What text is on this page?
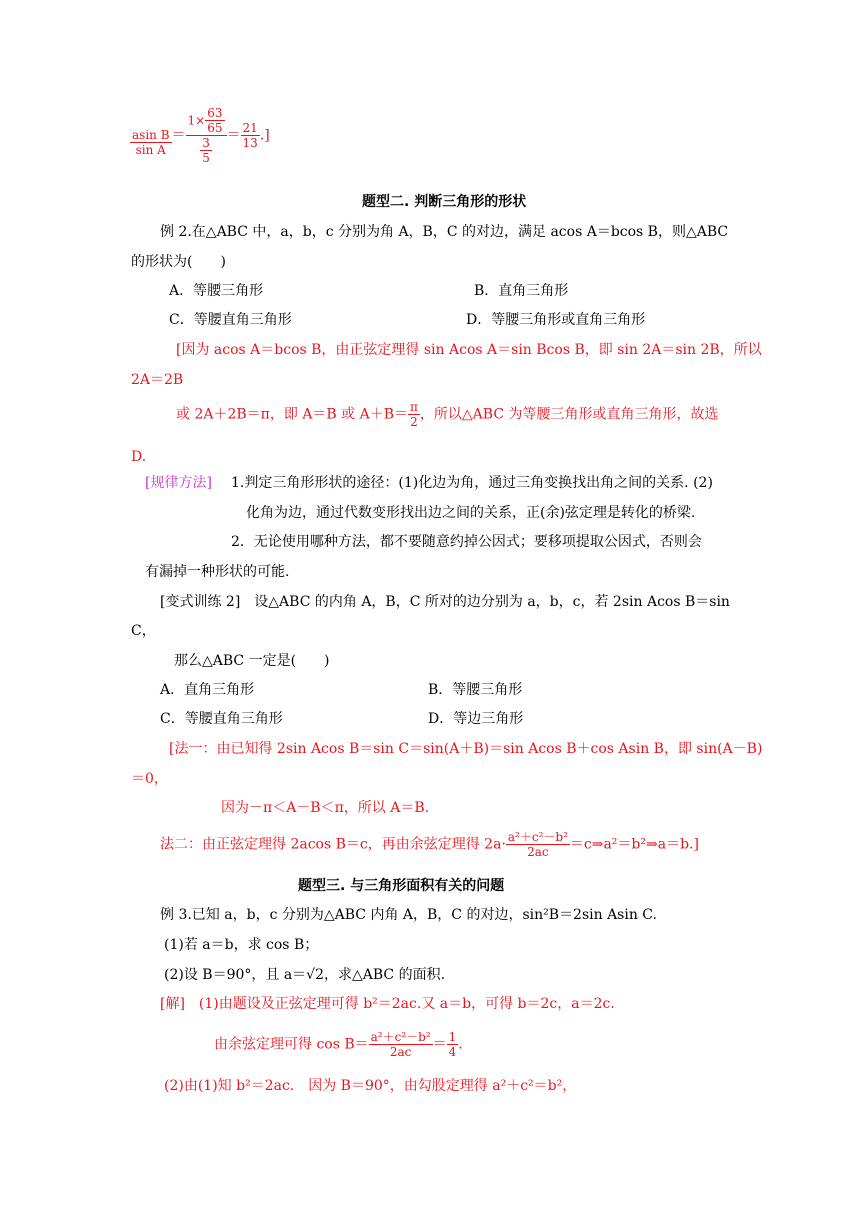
$\frac{\text{asin B}}{\text{sin A}} = \frac{1\times \frac{63}{65}}{\frac{3}{5}} = \frac{21}{13}$ .]
题型二. 判断三角形的形状
例 2.在△ABC 中，a，b，c 分别为角 A，B，C 的对边，满足 acos A＝bcos B，则△ABC
的形状为(　　)
A．等腰三角形	B．直角三角形
C．等腰直角三角形	D．等腰三角形或直角三角形
[因为 acos A＝bcos B，由正弦定理得 sin Acos A＝sin Bcos B，即 sin 2A＝sin 2B，所以
2A＝2B
或 2A＋2B＝π，即 A＝B 或 $A+B= \frac{\pi}{2}$ ，所以△ABC 为等腰三角形或直角三角形，故选
D.
[规律方法] 1.判定三角形形状的途径：(1)化边为角，通过三角变换找出角之间的关系. (2)
化角为边，通过代数变形找出边之间的关系，正(余)弦定理是转化的桥梁.
2．无论使用哪种方法，都不要随意约掉公因式；要移项提取公因式，否则会
有漏掉一种形状的可能.
[变式训练 2]　设△ABC 的内角 A，B，C 所对的边分别为 a，b，c，若 2sin Acos B＝sin
C，
那么△ABC 一定是(　　)
A．直角三角形	B．等腰三角形
C．等腰直角三角形	D．等边三角形
[法一：由已知得 2sin Acos B＝sin C＝sin(A＋B)＝sin Acos B＋cos Asin B，即 sin(A－B)
＝0，
因为－π＜A－B＜π，所以 A＝B.
法二：由正弦定理得 2acos B＝c，再由余弦定理得 $2a\cdot \frac{\text{a²＋c²－b²}}{2ac}$ ＝c⇒a²＝b²⇒a＝b.]
题型三. 与三角形面积有关的问题
例 3.已知 a，b，c 分别为△ABC 内角 A，B，C 的对边，sin²B＝2sin Asin C.
(1)若 a＝b，求 cos B；
(2)设 B＝90°，且 a＝√2，求△ABC 的面积.
[解]　(1)由题设及正弦定理可得 b²＝2ac.又 a＝b，可得 b＝2c，a＝2c.
由余弦定理可得 $\cos B= \frac{\text{a²＋c²－b²}}{2ac} = \frac{1}{4}$ .
(2)由(1)知 b²＝2ac.　因为 B＝90°，由勾股定理得 a²＋c²＝b²，
